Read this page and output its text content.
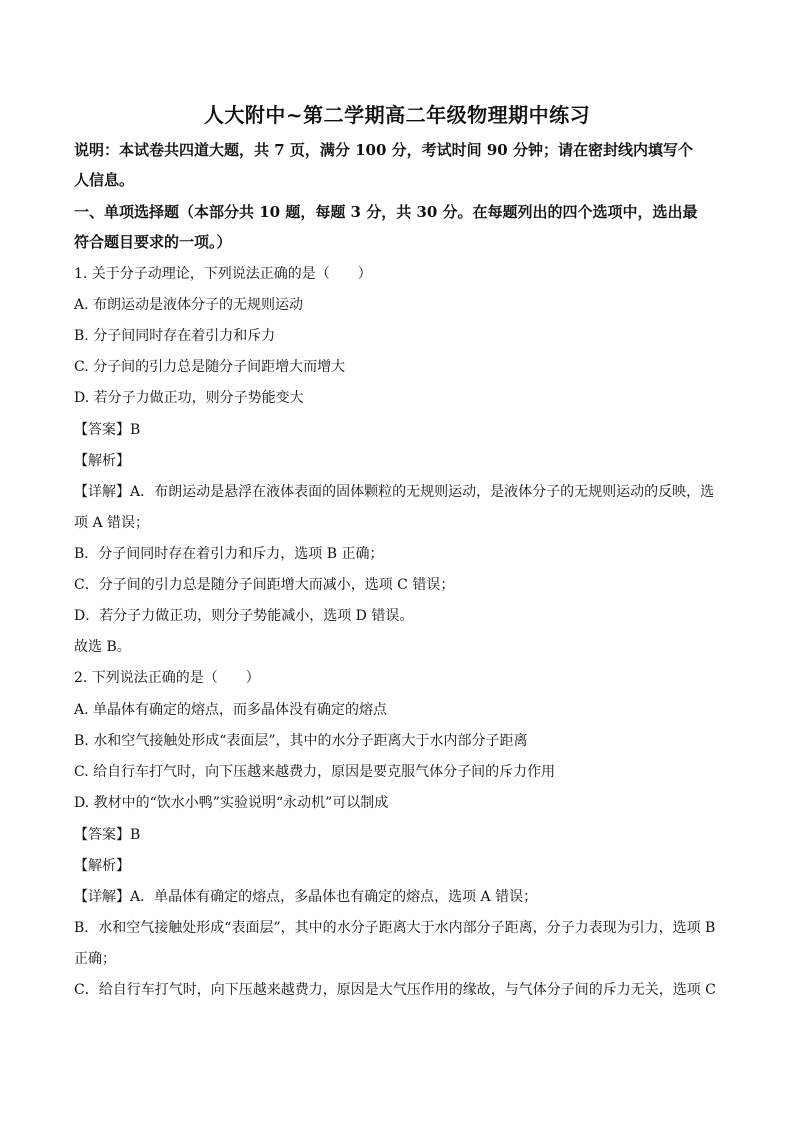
人大附中~第二学期高二年级物理期中练习
说明：本试卷共四道大题，共 7 页，满分 100 分，考试时间 90 分钟；请在密封线内填写个
人信息。
一、单项选择题（本部分共 10 题，每题 3 分，共 30 分。在每题列出的四个选项中，选出最
符合题目要求的一项。）
1. 关于分子动理论，下列说法正确的是（　　）
A. 布朗运动是液体分子的无规则运动
B. 分子间同时存在着引力和斥力
C. 分子间的引力总是随分子间距增大而增大
D. 若分子力做正功，则分子势能变大
【答案】B
【解析】
【详解】A．布朗运动是悬浮在液体表面的固体颗粒的无规则运动，是液体分子的无规则运动的反映，选
项 A 错误；
B．分子间同时存在着引力和斥力，选项 B 正确；
C．分子间的引力总是随分子间距增大而减小，选项 C 错误；
D．若分子力做正功，则分子势能减小，选项 D 错误。
故选 B。
2. 下列说法正确的是（　　）
A. 单晶体有确定的熔点，而多晶体没有确定的熔点
B. 水和空气接触处形成“表面层”，其中的水分子距离大于水内部分子距离
C. 给自行车打气时，向下压越来越费力，原因是要克服气体分子间的斥力作用
D. 教材中的“饮水小鸭”实验说明“永动机”可以制成
【答案】B
【解析】
【详解】A．单晶体有确定的熔点，多晶体也有确定的熔点，选项 A 错误；
B．水和空气接触处形成“表面层”，其中的水分子距离大于水内部分子距离，分子力表现为引力，选项 B
正确；
C．给自行车打气时，向下压越来越费力，原因是大气压作用的缘故，与气体分子间的斥力无关，选项 C
